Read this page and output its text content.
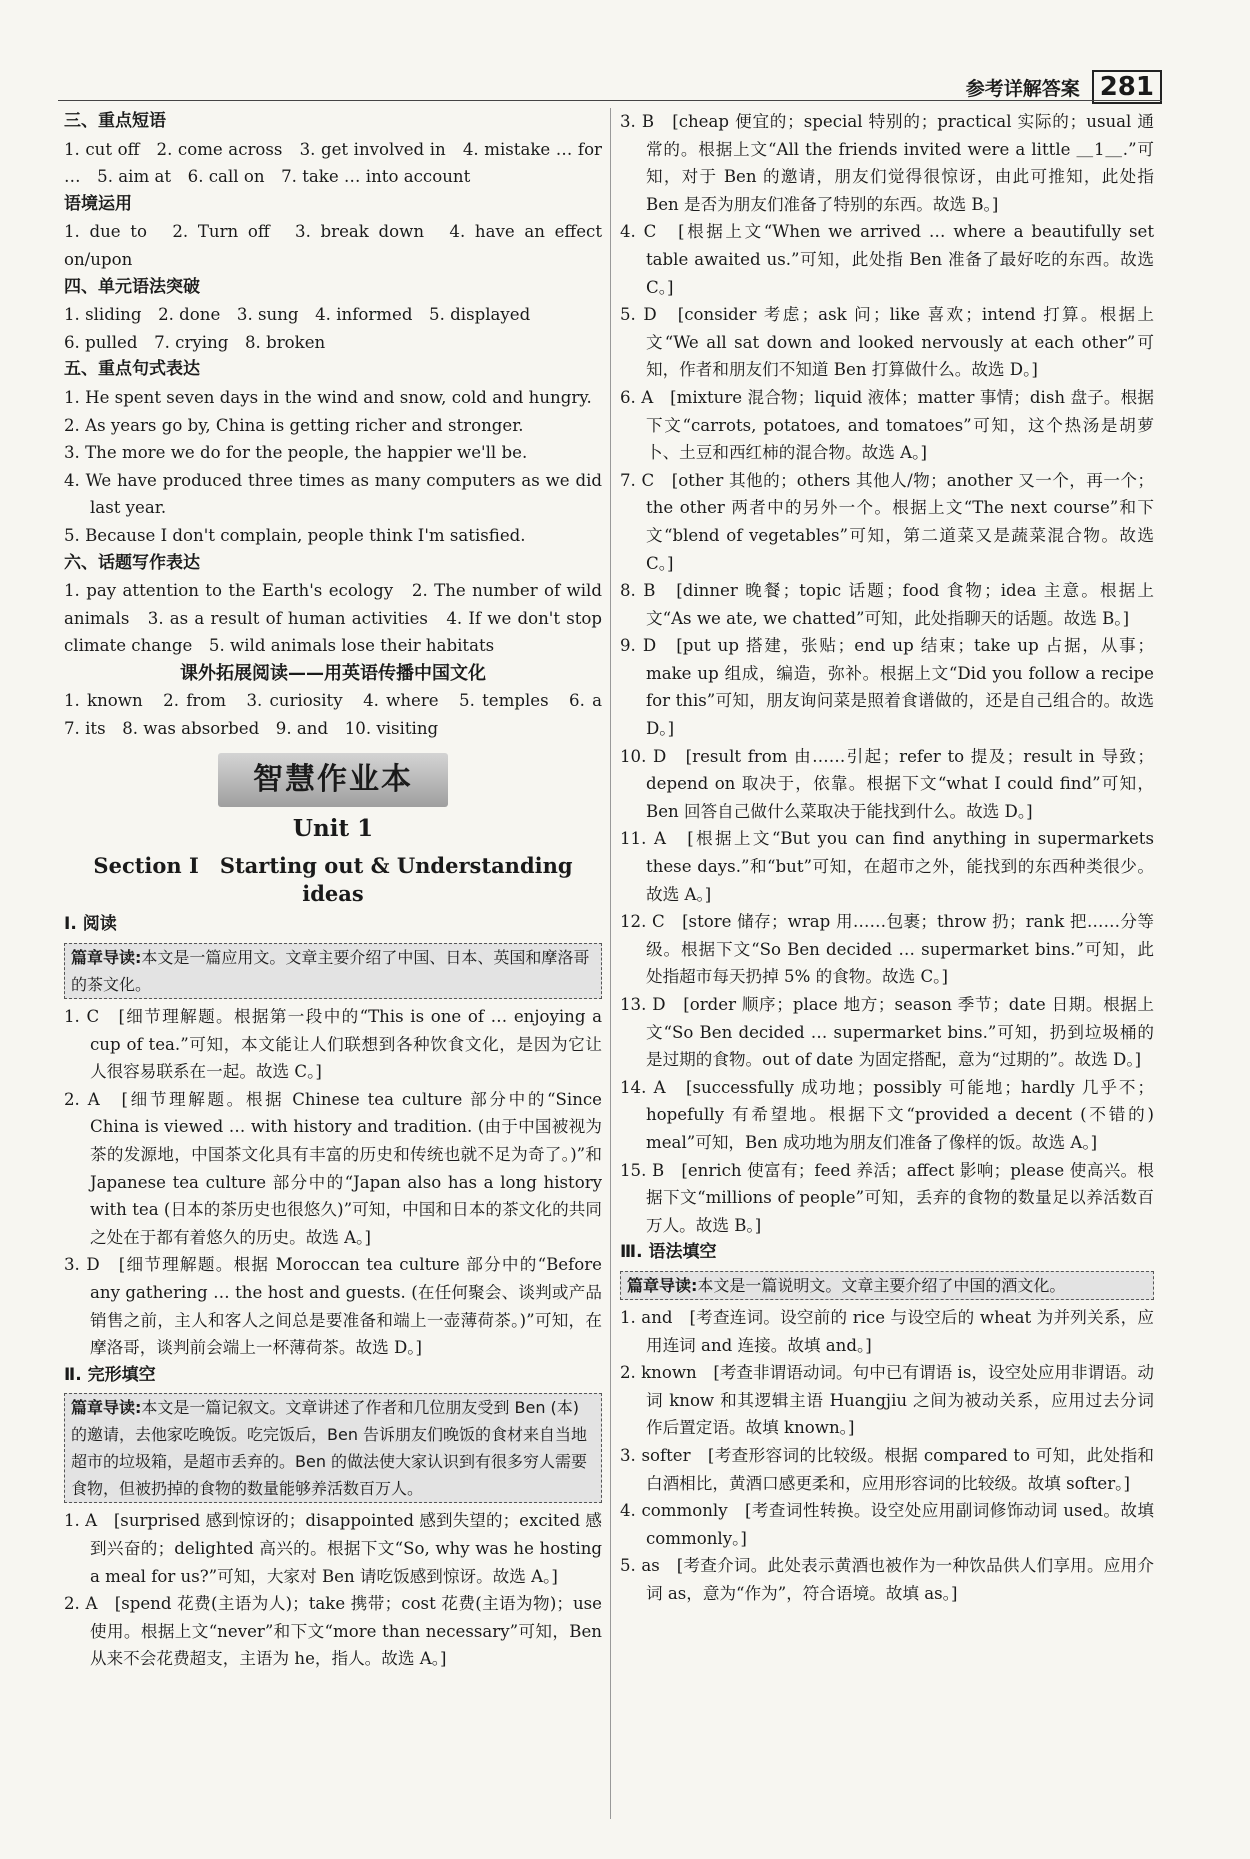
参考详解答案 281
三、重点短语
1. cut off　2. come across　3. get involved in　4. mistake … for …　5. aim at　6. call on　7. take … into account
语境运用
1. due to　2. Turn off　3. break down　4. have an effect on/upon
四、单元语法突破
1. sliding　2. done　3. sung　4. informed　5. displayed
6. pulled　7. crying　8. broken
五、重点句式表达
1. He spent seven days in the wind and snow, cold and hungry.
2. As years go by, China is getting richer and stronger.
3. The more we do for the people, the happier we'll be.
4. We have produced three times as many computers as we did last year.
5. Because I don't complain, people think I'm satisfied.
六、话题写作表达
1. pay attention to the Earth's ecology　2. The number of wild animals　3. as a result of human activities　4. If we don't stop climate change　5. wild animals lose their habitats
课外拓展阅读——用英语传播中国文化
1. known　2. from　3. curiosity　4. where　5. temples　6. a　7. its　8. was absorbed　9. and　10. visiting
智慧作业本
Unit 1
Section Ⅰ　Starting out & Understanding ideas
Ⅰ. 阅读
篇章导读:本文是一篇应用文。文章主要介绍了中国、日本、英国和摩洛哥的茶文化。
1. C　[细节理解题。根据第一段中的“This is one of … enjoying a cup of tea.”可知，本文能让人们联想到各种饮食文化，是因为它让人很容易联系在一起。故选 C。]
2. A　[细节理解题。根据 Chinese tea culture 部分中的“Since China is viewed … with history and tradition. (由于中国被视为茶的发源地，中国茶文化具有丰富的历史和传统也就不足为奇了。)”和 Japanese tea culture 部分中的“Japan also has a long history with tea (日本的茶历史也很悠久)”可知，中国和日本的茶文化的共同之处在于都有着悠久的历史。故选 A。]
3. D　[细节理解题。根据 Moroccan tea culture 部分中的“Before any gathering … the host and guests. (在任何聚会、谈判或产品销售之前，主人和客人之间总是要准备和端上一壶薄荷茶。)”可知，在摩洛哥，谈判前会端上一杯薄荷茶。故选 D。]
Ⅱ. 完形填空
篇章导读:本文是一篇记叙文。文章讲述了作者和几位朋友受到 Ben (本) 的邀请，去他家吃晚饭。吃完饭后，Ben 告诉朋友们晚饭的食材来自当地超市的垃圾箱，是超市丢弃的。Ben 的做法使大家认识到有很多穷人需要食物，但被扔掉的食物的数量能够养活数百万人。
1. A　[surprised 感到惊讶的；disappointed 感到失望的；excited 感到兴奋的；delighted 高兴的。根据下文“So, why was he hosting a meal for us?”可知，大家对 Ben 请吃饭感到惊讶。故选 A。]
2. A　[spend 花费(主语为人)；take 携带；cost 花费(主语为物)；use 使用。根据上文“never”和下文“more than necessary”可知，Ben 从来不会花费超支，主语为 he，指人。故选 A。]
3. B　[cheap 便宜的；special 特别的；practical 实际的；usual 通常的。根据上文“All the friends invited were a little ＿1＿.”可知，对于 Ben 的邀请，朋友们觉得很惊讶，由此可推知，此处指 Ben 是否为朋友们准备了特别的东西。故选 B。]
4. C　[根据上文“When we arrived … where a beautifully set table awaited us.”可知，此处指 Ben 准备了最好吃的东西。故选 C。]
5. D　[consider 考虑；ask 问；like 喜欢；intend 打算。根据上文“We all sat down and looked nervously at each other”可知，作者和朋友们不知道 Ben 打算做什么。故选 D。]
6. A　[mixture 混合物；liquid 液体；matter 事情；dish 盘子。根据下文“carrots, potatoes, and tomatoes”可知，这个热汤是胡萝卜、土豆和西红柿的混合物。故选 A。]
7. C　[other 其他的；others 其他人/物；another 又一个，再一个；the other 两者中的另外一个。根据上文“The next course”和下文“blend of vegetables”可知，第二道菜又是蔬菜混合物。故选 C。]
8. B　[dinner 晚餐；topic 话题；food 食物；idea 主意。根据上文“As we ate, we chatted”可知，此处指聊天的话题。故选 B。]
9. D　[put up 搭建，张贴；end up 结束；take up 占据，从事；make up 组成，编造，弥补。根据上文“Did you follow a recipe for this”可知，朋友询问菜是照着食谱做的，还是自己组合的。故选 D。]
10. D　[result from 由……引起；refer to 提及；result in 导致；depend on 取决于，依靠。根据下文“what I could find”可知，Ben 回答自己做什么菜取决于能找到什么。故选 D。]
11. A　[根据上文“But you can find anything in supermarkets these days.”和“but”可知，在超市之外，能找到的东西种类很少。故选 A。]
12. C　[store 储存；wrap 用……包裹；throw 扔；rank 把……分等级。根据下文“So Ben decided … supermarket bins.”可知，此处指超市每天扔掉 5% 的食物。故选 C。]
13. D　[order 顺序；place 地方；season 季节；date 日期。根据上文“So Ben decided … supermarket bins.”可知，扔到垃圾桶的是过期的食物。out of date 为固定搭配，意为“过期的”。故选 D。]
14. A　[successfully 成功地；possibly 可能地；hardly 几乎不；hopefully 有希望地。根据下文“provided a decent (不错的) meal”可知，Ben 成功地为朋友们准备了像样的饭。故选 A。]
15. B　[enrich 使富有；feed 养活；affect 影响；please 使高兴。根据下文“millions of people”可知，丢弃的食物的数量足以养活数百万人。故选 B。]
Ⅲ. 语法填空
篇章导读:本文是一篇说明文。文章主要介绍了中国的酒文化。
1. and　[考查连词。设空前的 rice 与设空后的 wheat 为并列关系，应用连词 and 连接。故填 and。]
2. known　[考查非谓语动词。句中已有谓语 is，设空处应用非谓语。动词 know 和其逻辑主语 Huangjiu 之间为被动关系，应用过去分词作后置定语。故填 known。]
3. softer　[考查形容词的比较级。根据 compared to 可知，此处指和白酒相比，黄酒口感更柔和，应用形容词的比较级。故填 softer。]
4. commonly　[考查词性转换。设空处应用副词修饰动词 used。故填 commonly。]
5. as　[考查介词。此处表示黄酒也被作为一种饮品供人们享用。应用介词 as，意为“作为”，符合语境。故填 as。]
